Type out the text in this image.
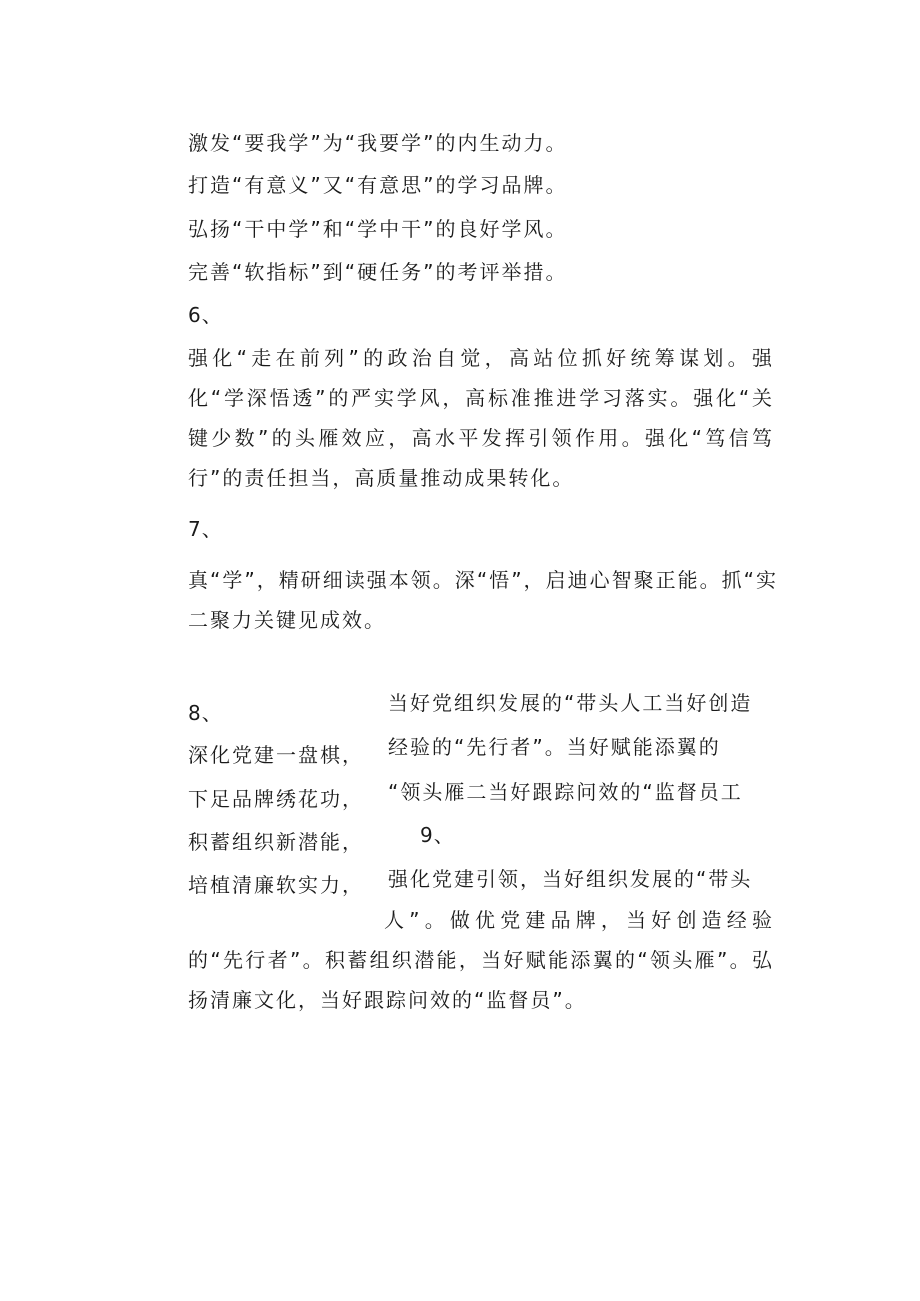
激发“要我学”为“我要学”的内生动力。
打造“有意义”又“有意思”的学习品牌。
弘扬“干中学”和“学中干”的良好学风。
完善“软指标”到“硬任务”的考评举措。
6、
强化“走在前列”的政治自觉，高站位抓好统筹谋划。强化“学深悟透”的严实学风，高标准推进学习落实。强化“关键少数”的头雁效应，高水平发挥引领作用。强化“笃信笃行”的责任担当，高质量推动成果转化。
7、
真“学”，精研细读强本领。深“悟”，启迪心智聚正能。抓“实二聚力关键见成效。
8、
深化党建一盘棋，
下足品牌绣花功，
积蓄组织新潜能，
培植清廉软实力，
当好党组织发展的“带头人工当好创造
经验的“先行者”。当好赋能添翼的
“领头雁二当好跟踪问效的“监督员工
9、
强化党建引领，当好组织发展的“带头
人”。做优党建品牌，当好创造经验的“先行者”。积蓄组织潜能，当好赋能添翼的“领头雁”。弘扬清廉文化，当好跟踪问效的“监督员”。
